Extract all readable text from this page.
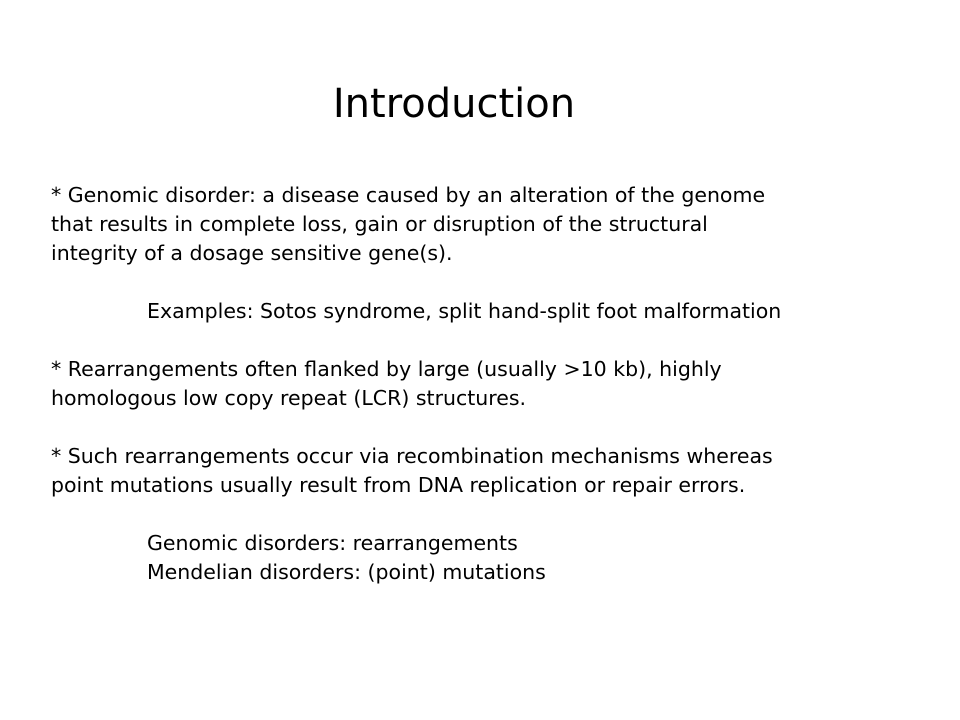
Introduction
* Genomic disorder: a disease caused by an alteration of the genome
that results in complete loss, gain or disruption of the structural
integrity of a dosage sensitive gene(s).
Examples: Sotos syndrome, split hand-split foot malformation
* Rearrangements often flanked by large (usually >10 kb), highly
homologous low copy repeat (LCR) structures.
* Such rearrangements occur via recombination mechanisms whereas
point mutations usually result from DNA replication or repair errors.
Genomic disorders: rearrangements
Mendelian disorders: (point) mutations
